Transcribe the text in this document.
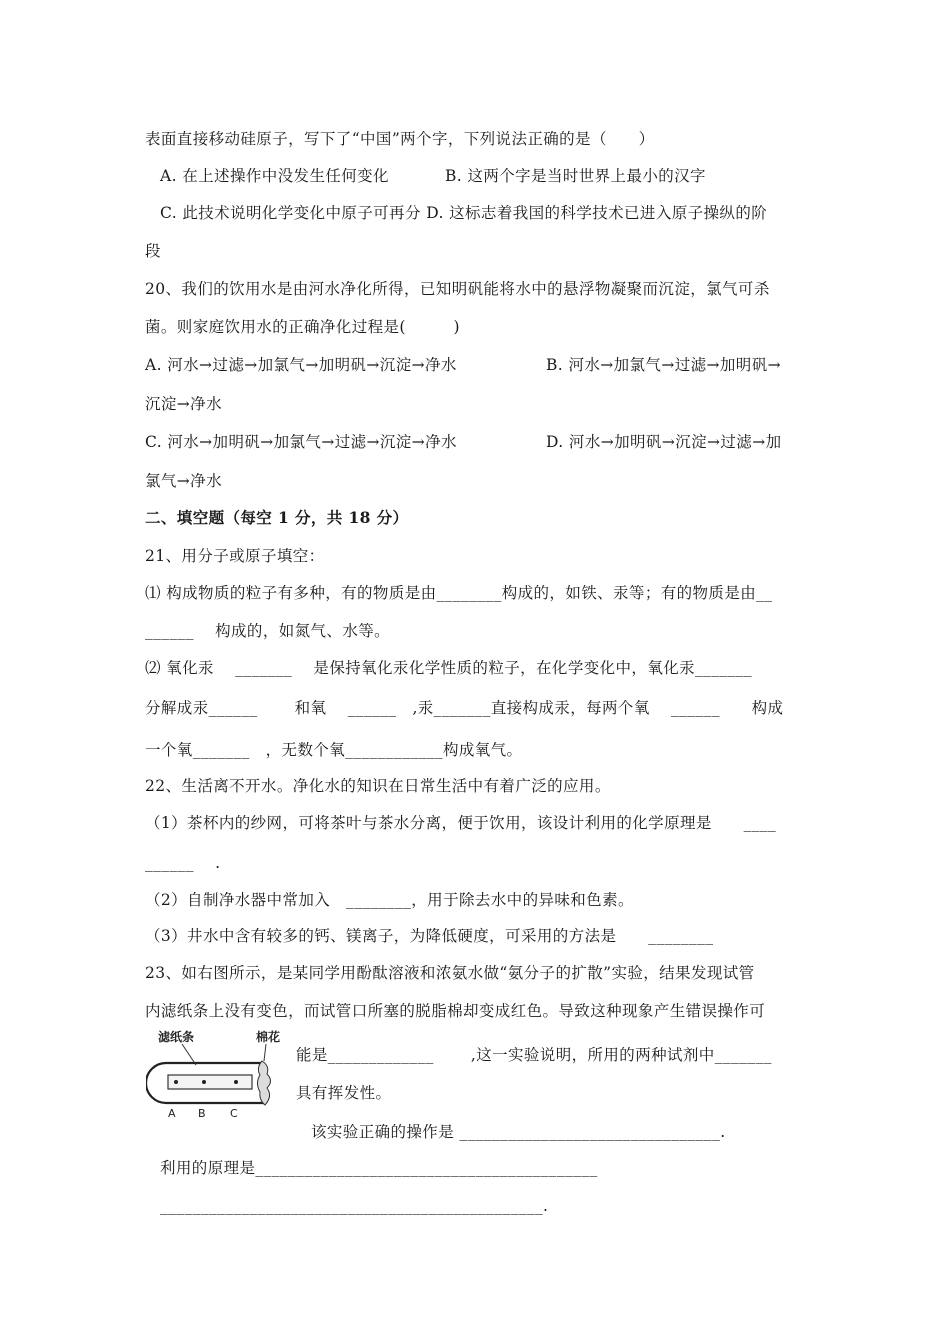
表面直接移动硅原子，写下了“中国”两个字，下列说法正确的是（　　）
A. 在上述操作中没发生任何变化	B. 这两个字是当时世界上最小的汉字
C. 此技术说明化学变化中原子可再分 D. 这标志着我国的科学技术已进入原子操纵的阶
段
20、我们的饮用水是由河水净化所得，已知明矾能将水中的悬浮物凝聚而沉淀，氯气可杀
菌。则家庭饮用水的正确净化过程是(　　　)
A. 河水→过滤→加氯气→加明矾→沉淀→净水	B. 河水→加氯气→过滤→加明矾→
沉淀→净水
C. 河水→加明矾→加氯气→过滤→沉淀→净水	D. 河水→加明矾→沉淀→过滤→加
氯气→净水
二、填空题（每空 1 分，共 18 分）
21、用分子或原子填空：
⑴ 构成物质的粒子有多种，有的物质是由________构成的，如铁、汞等；有的物质是由__
______　 构成的，如氮气、水等。
⑵ 氧化汞　 _______　 是保持氧化汞化学性质的粒子，在化学变化中，氧化汞_______
分解成汞______　　 和氧　 ______　,汞_______直接构成汞，每两个氧　 ______　　构成
一个氧_______　，无数个氧____________构成氧气。
22、生活离不开水。净化水的知识在日常生活中有着广泛的应用。
（1）茶杯内的纱网，可将茶叶与茶水分离，便于饮用，该设计利用的化学原理是　　____
______　 .
（2）自制净水器中常加入　________，用于除去水中的异味和色素。
（3）井水中含有较多的钙、镁离子，为降低硬度，可采用的方法是　　________
23、如右图所示，是某同学用酚酞溶液和浓氨水做“氨分子的扩散”实验，结果发现试管
内滤纸条上没有变色，而试管口所塞的脱脂棉却变成红色。导致这种现象产生错误操作可
能是_____________　　 ,这一实验说明，所用的两种试剂中_______
具有挥发性。
该实验正确的操作是 ________________________________.
利用的原理是__________________________________________
_______________________________________________.
滤纸条	棉花
A B C
